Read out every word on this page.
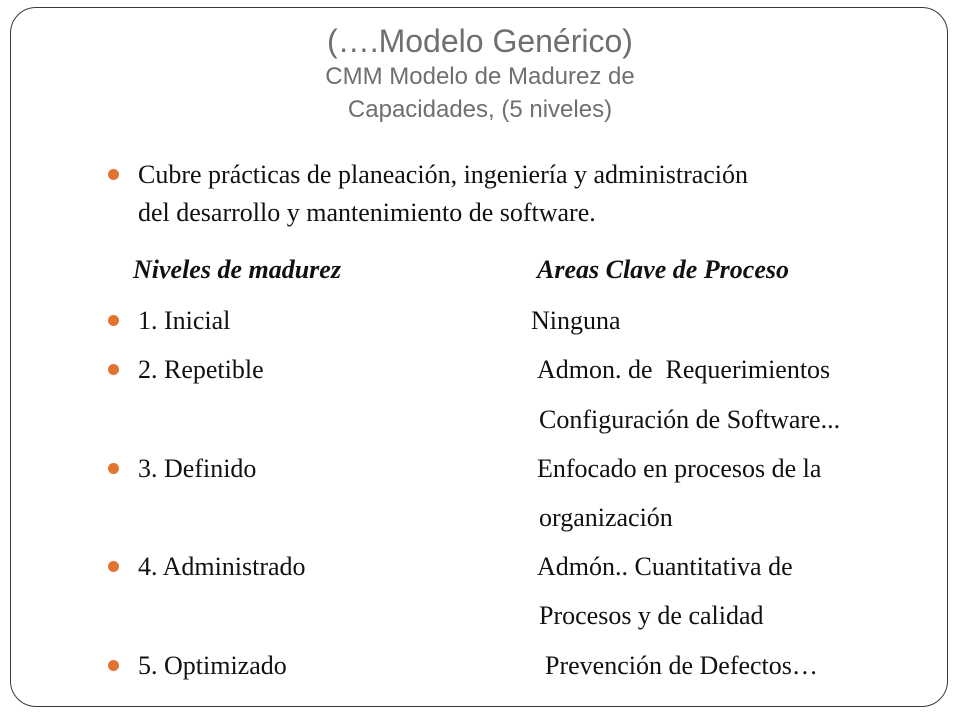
(….Modelo Genérico)
CMM Modelo de Madurez de
Capacidades, (5 niveles)
Cubre prácticas de planeación, ingeniería y administración
del desarrollo y mantenimiento de software.
Niveles de madurez	Areas Clave de Proceso
1. Inicial	Ninguna
2. Repetible	Admon. de  Requerimientos
Configuración de Software...
3. Definido	Enfocado en procesos de la
organización
4. Administrado	Admón.. Cuantitativa de
Procesos y de calidad
5. Optimizado	Prevención de Defectos…
